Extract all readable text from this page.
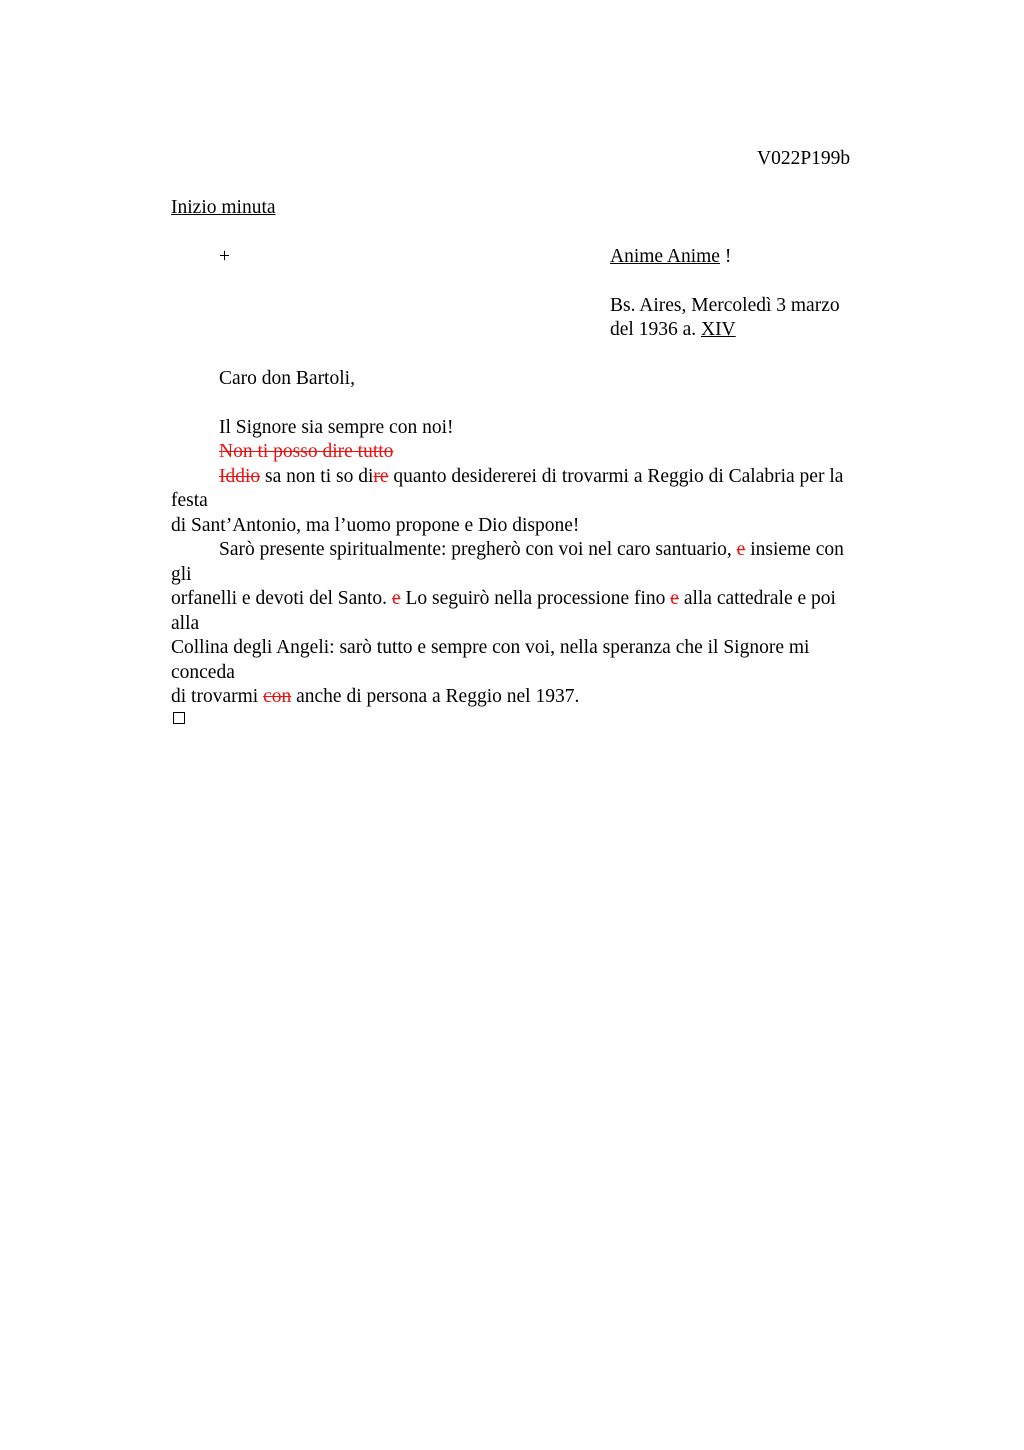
V022P199b
Inizio minuta
+	Anime Anime !
Bs. Aires, Mercoledì 3 marzo
del 1936 a. XIV
Caro don Bartoli,
Il Signore sia sempre con noi!
Non ti posso dire tutto
Iddio sa non ti so dire quanto desidererei di trovarmi a Reggio di Calabria per la
festa
di Sant’Antonio, ma l’uomo propone e Dio dispone!
Sarò presente spiritualmente: pregherò con voi nel caro santuario, e insieme con
gli
orfanelli e devoti del Santo. e Lo seguirò nella processione fino e alla cattedrale e poi
alla
Collina degli Angeli: sarò tutto e sempre con voi, nella speranza che il Signore mi
conceda
di trovarmi con anche di persona a Reggio nel 1937.
